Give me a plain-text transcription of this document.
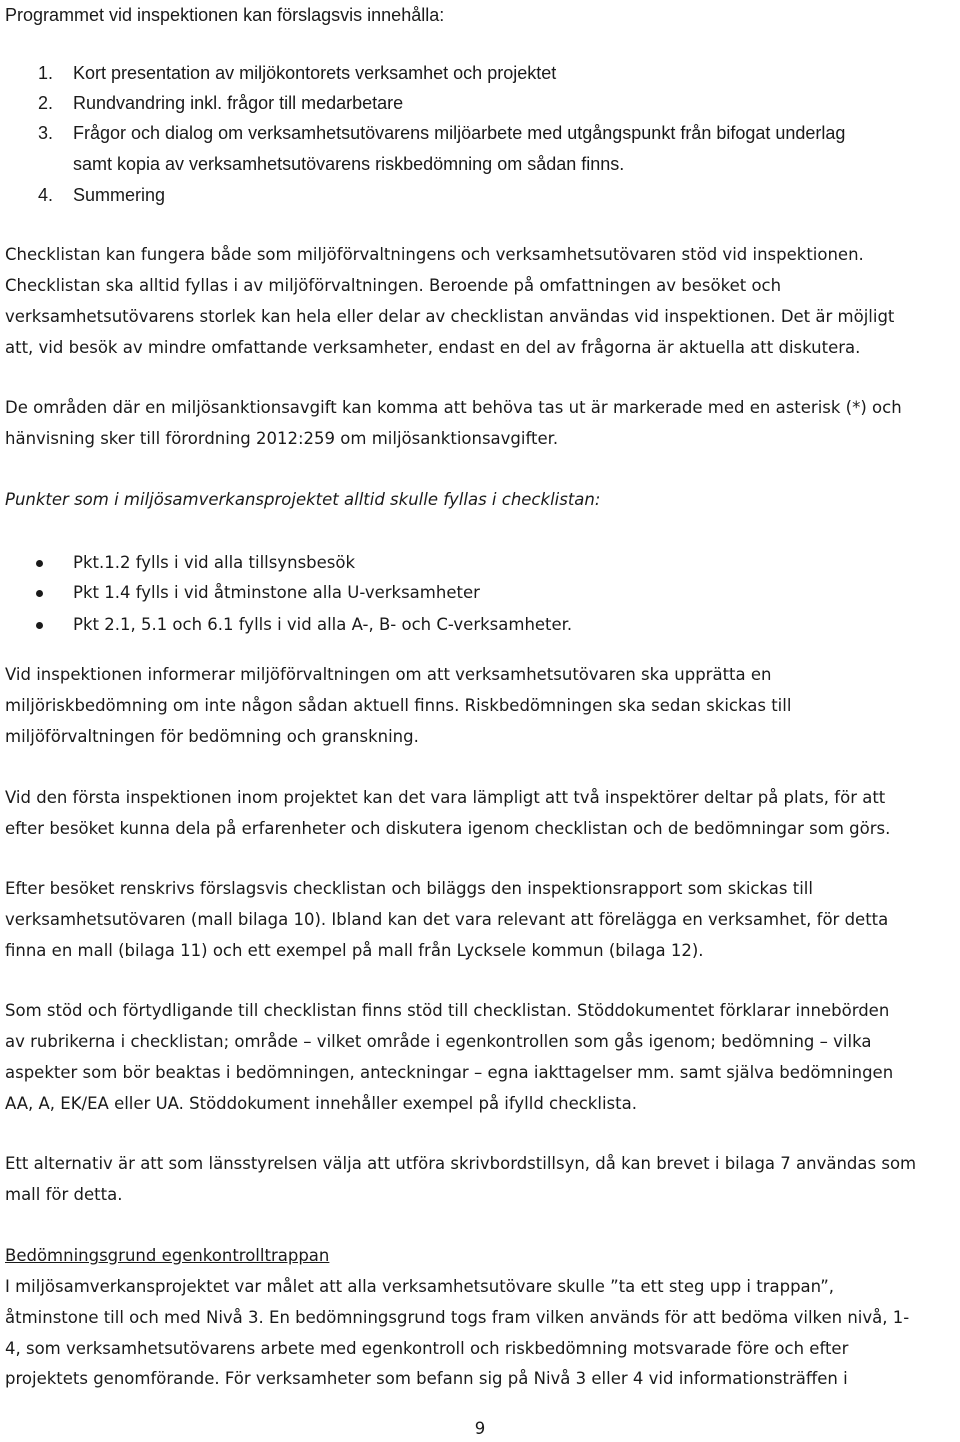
Programmet vid inspektionen kan förslagsvis innehålla:

1. Kort presentation av miljökontorets verksamhet och projektet
2. Rundvandring inkl. frågor till medarbetare
3. Frågor och dialog om verksamhetsutövarens miljöarbete med utgångspunkt från bifogat underlag
samt kopia av verksamhetsutövarens riskbedömning om sådan finns.
4. Summering

Checklistan kan fungera både som miljöförvaltningens och verksamhetsutövaren stöd vid inspektionen.

Checklistan ska alltid fyllas i av miljöförvaltningen. Beroende på omfattningen av besöket och

verksamhetsutövarens storlek kan hela eller delar av checklistan användas vid inspektionen. Det är möjligt

att, vid besök av mindre omfattande verksamheter, endast en del av frågorna är aktuella att diskutera.

De områden där en miljösanktionsavgift kan komma att behöva tas ut är markerade med en asterisk (*) och

hänvisning sker till förordning 2012:259 om miljösanktionsavgifter.

Punkter som i miljösamverkansprojektet alltid skulle fyllas i checklistan:

Pkt.1.2 fylls i vid alla tillsynsbesök
Pkt 1.4 fylls i vid åtminstone alla U-verksamheter
Pkt 2.1, 5.1 och 6.1 fylls i vid alla A-, B- och C-verksamheter.

Vid inspektionen informerar miljöförvaltningen om att verksamhetsutövaren ska upprätta en

miljöriskbedömning om inte någon sådan aktuell finns. Riskbedömningen ska sedan skickas till

miljöförvaltningen för bedömning och granskning.

Vid den första inspektionen inom projektet kan det vara lämpligt att två inspektörer deltar på plats, för att

efter besöket kunna dela på erfarenheter och diskutera igenom checklistan och de bedömningar som görs.

Efter besöket renskrivs förslagsvis checklistan och biläggs den inspektionsrapport som skickas till

verksamhetsutövaren (mall bilaga 10). Ibland kan det vara relevant att förelägga en verksamhet, för detta

finna en mall (bilaga 11) och ett exempel på mall från Lycksele kommun (bilaga 12).

Som stöd och förtydligande till checklistan finns stöd till checklistan. Stöddokumentet förklarar innebörden

av rubrikerna i checklistan; område – vilket område i egenkontrollen som gås igenom; bedömning – vilka

aspekter som bör beaktas i bedömningen, anteckningar – egna iakttagelser mm. samt själva bedömningen

AA, A, EK/EA eller UA. Stöddokument innehåller exempel på ifylld checklista.

Ett alternativ är att som länsstyrelsen välja att utföra skrivbordstillsyn, då kan brevet i bilaga 7 användas som

mall för detta.

Bedömningsgrund egenkontrolltrappan

I miljösamverkansprojektet var målet att alla verksamhetsutövare skulle ”ta ett steg upp i trappan”,

åtminstone till och med Nivå 3. En bedömningsgrund togs fram vilken används för att bedöma vilken nivå, 1-

4, som verksamhetsutövarens arbete med egenkontroll och riskbedömning motsvarade före och efter

projektets genomförande. För verksamheter som befann sig på Nivå 3 eller 4 vid informationsträffen i

9
